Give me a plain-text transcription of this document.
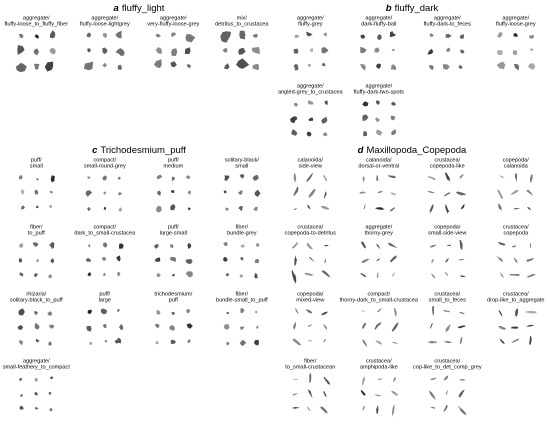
a fluffy_light
aggregate/
fluffy-loose_to_fluffy_fiber
aggregate/
fluffy-loose-lightgrey
aggregate/
very-fluffy-loose-grey
mix/
detritus_to_crustacea
b fluffy_dark
aggregate/
fluffy-grey
aggregate/
dark-fluffy-ball
aggregate/
fluffy-dark-to_feces
aggregate/
fluffy-loose-grey
aggregate/
angled-grey_to_crustacea
aggregate/
fluffy-dark-two-spots
c Trichodesmium_puff
puff/
small
compact/
small-round-grey
puff/
medium
solitary-black/
small
fiber/
to_puff
compact/
dark_to_small-crustacea
puff/
large-small
fiber/
bundle-grey
rhizaria/
solitary-black_to_puff
puff/
large
trichodesmium/
puff
fiber/
bundle-small_to_puff
aggregate/
small-feathery_to_compact
d Maxillopoda_Copepoda
calanoida/
side-view
calanoida/
dorsal-or-ventral
crustacea/
copepoda-like
copepoda/
calanoida
crustacea/
copepoda-to-detritus
aggregate/
thorny-grey
copepoda/
small-side-view
crustacea/
copepoda
copepoda/
mixed-view
compact/
thorny-dark_to_small-crustacea
crustacea/
small_to_feces
crustacea/
drop-like_to_aggregate
fiber/
to_small-crustacean
crustacea/
amphipoda-like
crustacea/
cop-like_to_det_comp_grey
